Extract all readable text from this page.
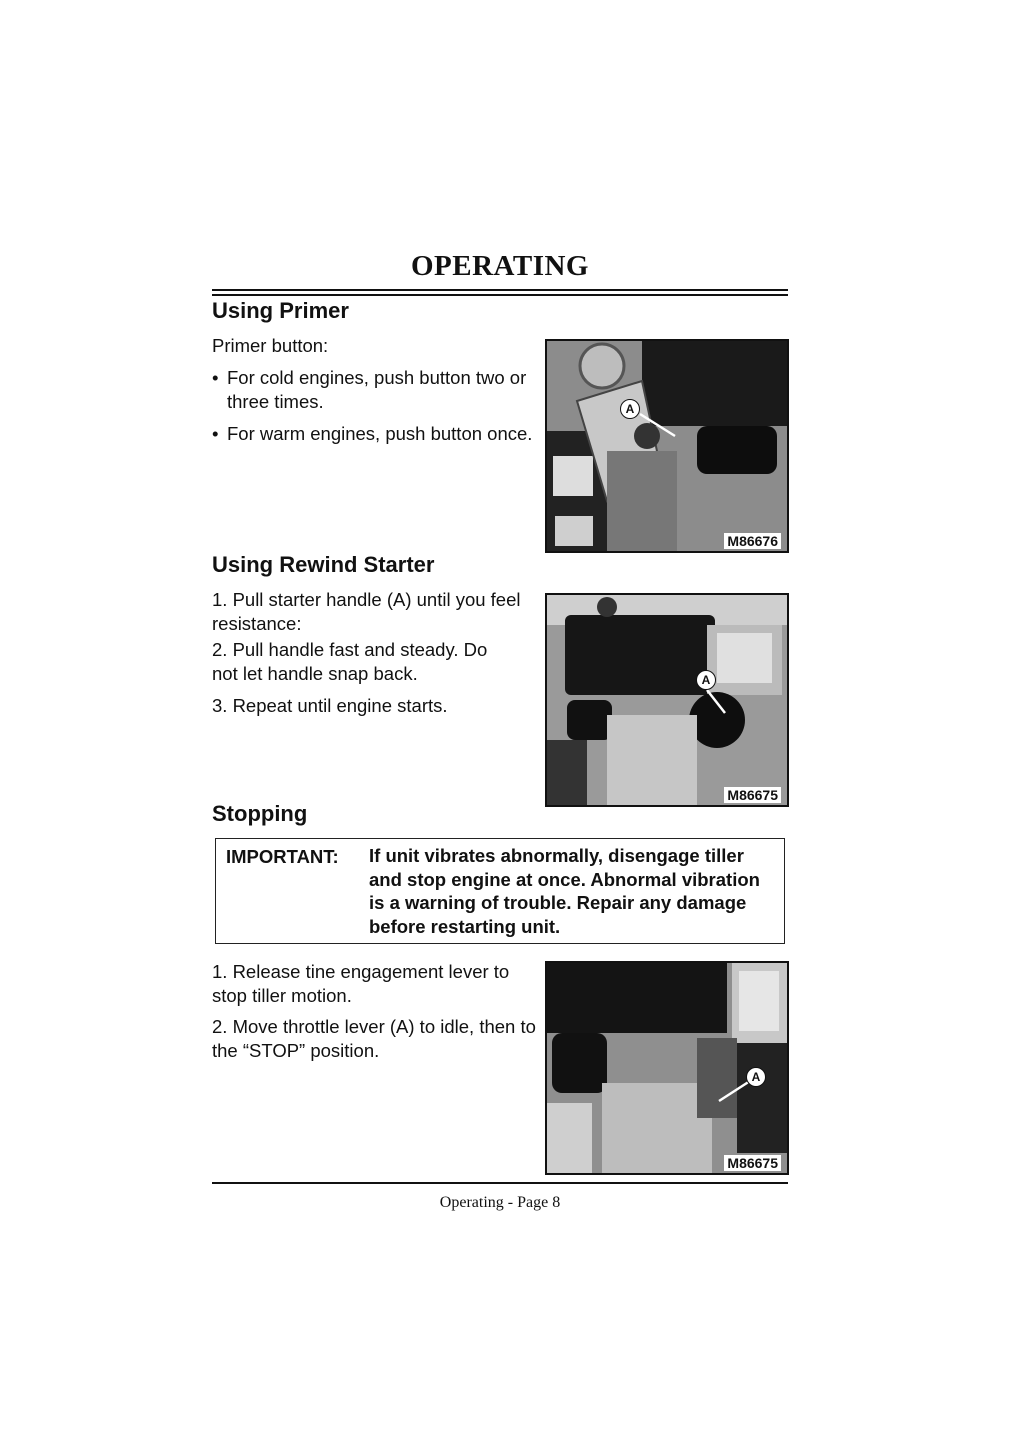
OPERATING
Using Primer
Primer button:
• For cold engines, push button two or three times.
• For warm engines, push button once.
A
M86676
Using Rewind Starter
1. Pull starter handle (A) until you feel resistance:
2. Pull handle fast and steady. Do not let handle snap back.
3. Repeat until engine starts.
A
M86675
Stopping
IMPORTANT: If unit vibrates abnormally, disengage tiller and stop engine at once. Abnormal vibration is a warning of trouble. Repair any damage before restarting unit.
1. Release tine engagement lever to stop tiller motion.
2. Move throttle lever (A) to idle, then to the “STOP” position.
A
M86675
Operating - Page 8
